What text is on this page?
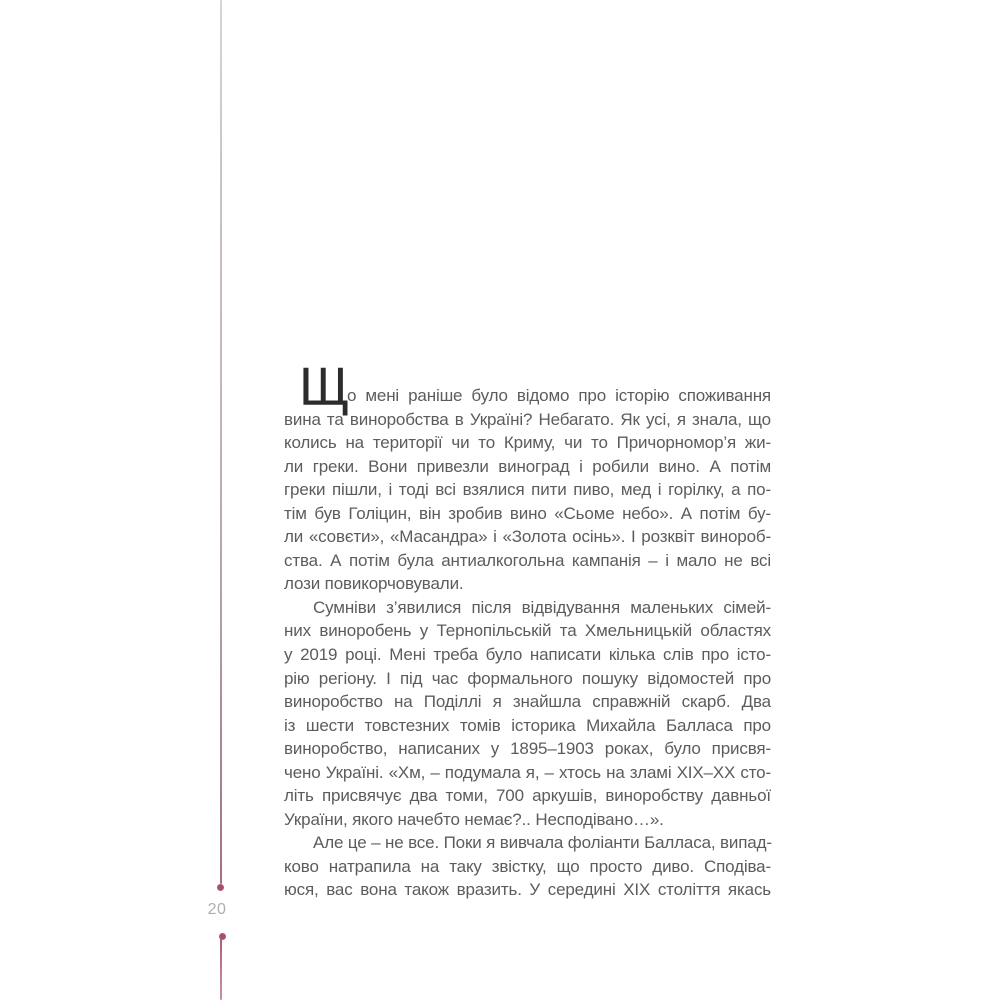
20
Щ
о мені раніше було відомо про історію споживання
вина та виноробства в Україні? Небагато. Як усі, я знала, що
колись на території чи то Криму, чи то Причорномор’я жи-
ли греки. Вони привезли виноград і робили вино. А потім
греки пішли, і тоді всі взялися пити пиво, мед і горілку, а по-
тім був Голіцин, він зробив вино «Сьоме небо». А потім бу-
ли «совєти», «Масандра» і «Золота осінь». І розквіт винороб-
ства. А потім була антиалкогольна кампанія – і мало не всі
лози повикорчовували.
Сумніви з’явилися після відвідування маленьких сімей-
них виноробень у Тернопільській та Хмельницькій областях
у 2019 році. Мені треба було написати кілька слів про істо-
рію регіону. І під час формального пошуку відомостей про
виноробство на Поділлі я знайшла справжній скарб. Два
із шести товстезних томів історика Михайла Балласа про
виноробство, написаних у 1895–1903 роках, було присвя-
чено Україні. «Хм, – подумала я, – хтось на зламі XIX–XX сто-
літь присвячує два томи, 700 аркушів, виноробству давньої
України, якого начебто немає?.. Несподівано…».
Але це – не все. Поки я вивчала фоліанти Балласа, випад-
ково натрапила на таку звістку, що просто диво. Сподіва-
юся, вас вона також вразить. У середині XIX століття якась
